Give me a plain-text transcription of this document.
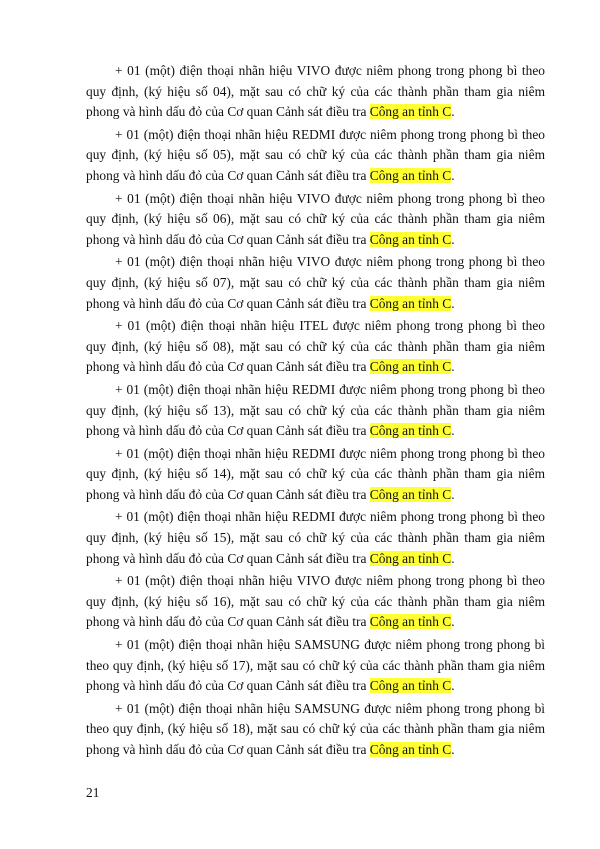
+ 01 (một) điện thoại nhãn hiệu VIVO được niêm phong trong phong bì theo quy định, (ký hiệu số 04), mặt sau có chữ ký của các thành phần tham gia niêm phong và hình dấu đỏ của Cơ quan Cảnh sát điều tra Công an tỉnh C.

+ 01 (một) điện thoại nhãn hiệu REDMI được niêm phong trong phong bì theo quy định, (ký hiệu số 05), mặt sau có chữ ký của các thành phần tham gia niêm phong và hình dấu đỏ của Cơ quan Cảnh sát điều tra Công an tỉnh C.

+ 01 (một) điện thoại nhãn hiệu VIVO được niêm phong trong phong bì theo quy định, (ký hiệu số 06), mặt sau có chữ ký của các thành phần tham gia niêm phong và hình dấu đỏ của Cơ quan Cảnh sát điều tra Công an tỉnh C.

+ 01 (một) điện thoại nhãn hiệu VIVO được niêm phong trong phong bì theo quy định, (ký hiệu số 07), mặt sau có chữ ký của các thành phần tham gia niêm phong và hình dấu đỏ của Cơ quan Cảnh sát điều tra Công an tỉnh C.

+ 01 (một) điện thoại nhãn hiệu ITEL được niêm phong trong phong bì theo quy định, (ký hiệu số 08), mặt sau có chữ ký của các thành phần tham gia niêm phong và hình dấu đỏ của Cơ quan Cảnh sát điều tra Công an tỉnh C.

+ 01 (một) điện thoại nhãn hiệu REDMI được niêm phong trong phong bì theo quy định, (ký hiệu số 13), mặt sau có chữ ký của các thành phần tham gia niêm phong và hình dấu đỏ của Cơ quan Cảnh sát điều tra Công an tỉnh C.

+ 01 (một) điện thoại nhãn hiệu REDMI được niêm phong trong phong bì theo quy định, (ký hiệu số 14), mặt sau có chữ ký của các thành phần tham gia niêm phong và hình dấu đỏ của Cơ quan Cảnh sát điều tra Công an tỉnh C.

+ 01 (một) điện thoại nhãn hiệu REDMI được niêm phong trong phong bì theo quy định, (ký hiệu số 15), mặt sau có chữ ký của các thành phần tham gia niêm phong và hình dấu đỏ của Cơ quan Cảnh sát điều tra Công an tỉnh C.

+ 01 (một) điện thoại nhãn hiệu VIVO được niêm phong trong phong bì theo quy định, (ký hiệu số 16), mặt sau có chữ ký của các thành phần tham gia niêm phong và hình dấu đỏ của Cơ quan Cảnh sát điều tra Công an tỉnh C.

+ 01 (một) điện thoại nhãn hiệu SAMSUNG được niêm phong trong phong bì theo quy định, (ký hiệu số 17), mặt sau có chữ ký của các thành phần tham gia niêm phong và hình dấu đỏ của Cơ quan Cảnh sát điều tra Công an tỉnh C.

+ 01 (một) điện thoại nhãn hiệu SAMSUNG được niêm phong trong phong bì theo quy định, (ký hiệu số 18), mặt sau có chữ ký của các thành phần tham gia niêm phong và hình dấu đỏ của Cơ quan Cảnh sát điều tra Công an tỉnh C.

21
